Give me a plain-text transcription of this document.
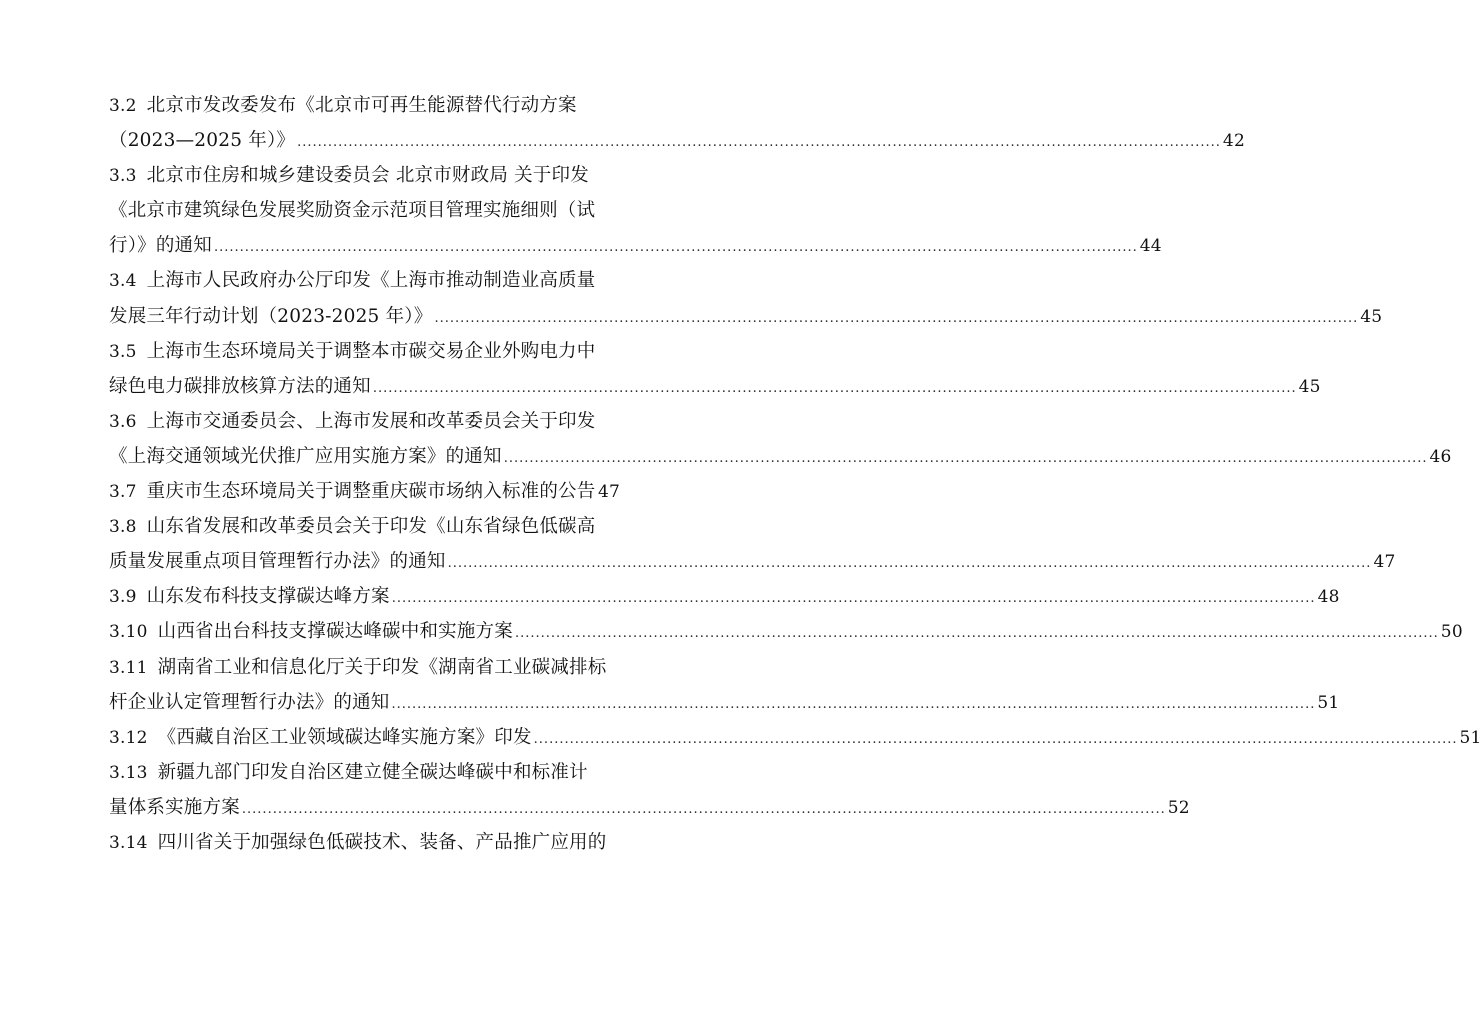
3.2 北京市发改委发布《北京市可再生能源替代行动方案
（2023—2025 年）》 .....	42
3.3 北京市住房和城乡建设委员会 北京市财政局 关于印发
《北京市建筑绿色发展奖励资金示范项目管理实施细则（试
行）》的通知 .....	44
3.4 上海市人民政府办公厅印发《上海市推动制造业高质量
发展三年行动计划（2023-2025 年）》 .....	45
3.5 上海市生态环境局关于调整本市碳交易企业外购电力中
绿色电力碳排放核算方法的通知 .....	45
3.6 上海市交通委员会、上海市发展和改革委员会关于印发
《上海交通领域光伏推广应用实施方案》的通知 .....	46
3.7 重庆市生态环境局关于调整重庆碳市场纳入标准的公告 47
3.8 山东省发展和改革委员会关于印发《山东省绿色低碳高
质量发展重点项目管理暂行办法》的通知 .....	47
3.9 山东发布科技支撑碳达峰方案 .....	48
3.10 山西省出台科技支撑碳达峰碳中和实施方案 .....	50
3.11 湖南省工业和信息化厅关于印发《湖南省工业碳减排标
杆企业认定管理暂行办法》的通知 .....	51
3.12 《西藏自治区工业领域碳达峰实施方案》印发 .....	51
3.13 新疆九部门印发自治区建立健全碳达峰碳中和标准计
量体系实施方案 .....	52
3.14 四川省关于加强绿色低碳技术、装备、产品推广应用的
